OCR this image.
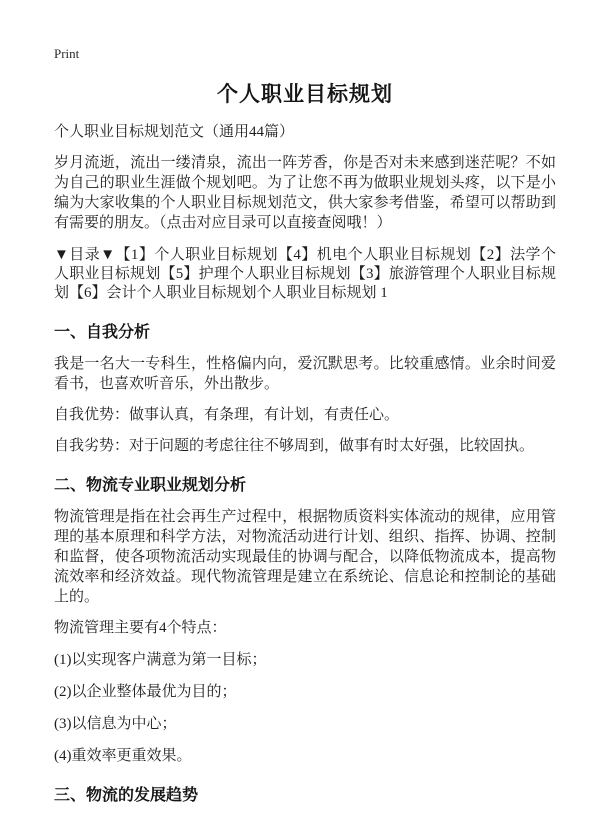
Print
个人职业目标规划

个人职业目标规划范文（通用44篇）

岁月流逝，流出一缕清泉，流出一阵芳香，你是否对未来感到迷茫呢？不如为自己的职业生涯做个规划吧。为了让您不再为做职业规划头疼，以下是小编为大家收集的个人职业目标规划范文，供大家参考借鉴，希望可以帮助到有需要的朋友。（点击对应目录可以直接查阅哦！）

▼目录▼【1】个人职业目标规划【4】机电个人职业目标规划【2】法学个人职业目标规划【5】护理个人职业目标规划【3】旅游管理个人职业目标规划【6】会计个人职业目标规划个人职业目标规划 1

一、自我分析

我是一名大一专科生，性格偏内向，爱沉默思考。比较重感情。业余时间爱看书，也喜欢听音乐，外出散步。

自我优势：做事认真，有条理，有计划，有责任心。

自我劣势：对于问题的考虑往往不够周到，做事有时太好强，比较固执。

二、物流专业职业规划分析

物流管理是指在社会再生产过程中，根据物质资料实体流动的规律，应用管理的基本原理和科学方法，对物流活动进行计划、组织、指挥、协调、控制和监督，使各项物流活动实现最佳的协调与配合，以降低物流成本，提高物流效率和经济效益。现代物流管理是建立在系统论、信息论和控制论的基础上的。

物流管理主要有4个特点：

(1)以实现客户满意为第一目标；

(2)以企业整体最优为目的；

(3)以信息为中心；

(4)重效率更重效果。

三、物流的发展趋势
